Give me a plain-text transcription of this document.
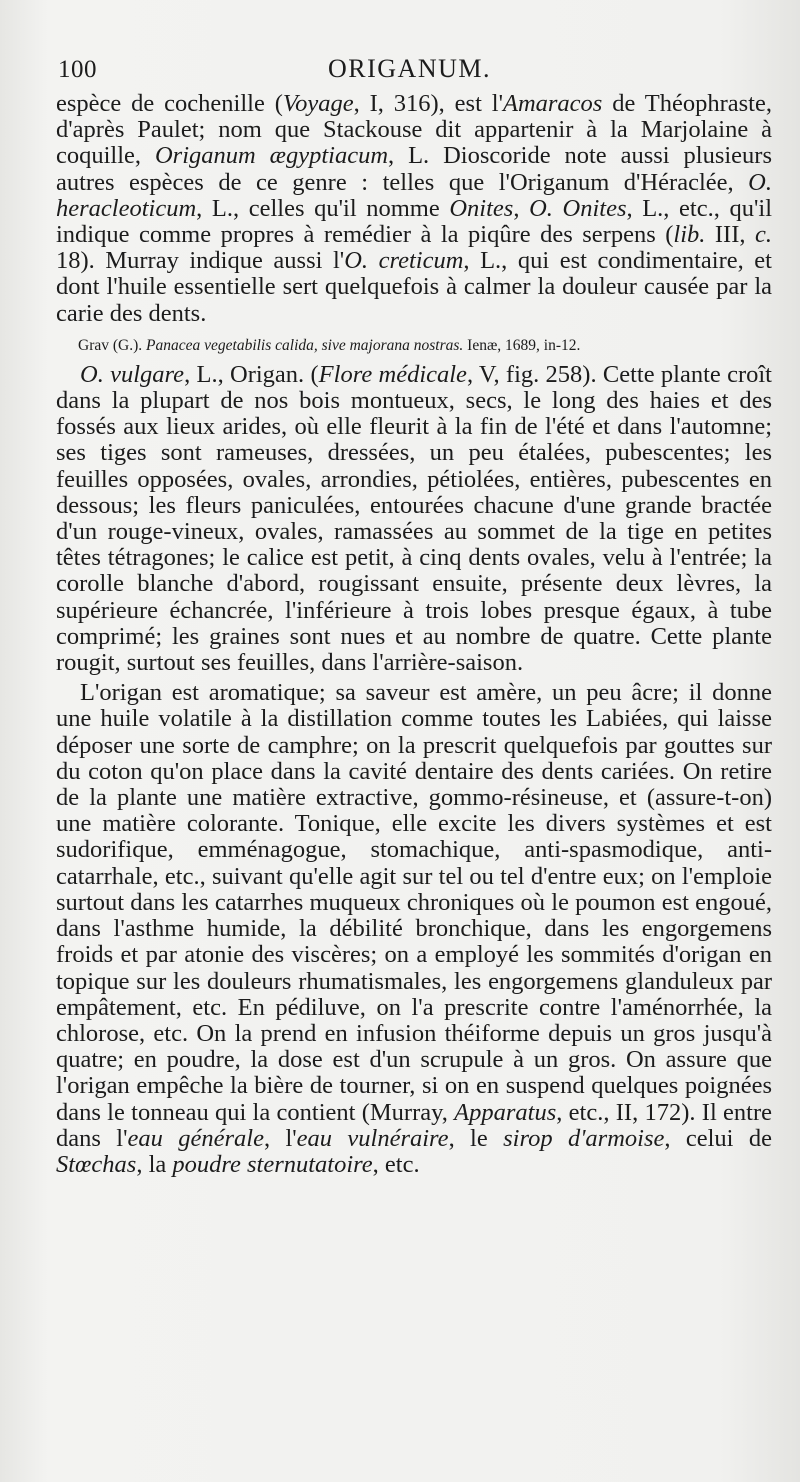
100	ORIGANUM.

espèce de cochenille (Voyage, I, 316), est l'Amaracos de Théophraste, d'après Paulet; nom que Stackouse dit appartenir à la Marjolaine à coquille, Origanum ægyptiacum, L. Dioscoride note aussi plusieurs autres espèces de ce genre : telles que l'Origanum d'Héraclée, O. heracleoticum, L., celles qu'il nomme Onites, O. Onites, L., etc., qu'il indique comme propres à remédier à la piqûre des serpens (lib. III, c. 18). Murray indique aussi l'O. creticum, L., qui est condimentaire, et dont l'huile essentielle sert quelquefois à calmer la douleur causée par la carie des dents.

Grav (G.). Panacea vegetabilis calida, sive majorana nostras. Ienæ, 1689, in-12.

O. vulgare, L., Origan. (Flore médicale, V, fig. 258). Cette plante croît dans la plupart de nos bois montueux, secs, le long des haies et des fossés aux lieux arides, où elle fleurit à la fin de l'été et dans l'automne; ses tiges sont rameuses, dressées, un peu étalées, pubescentes; les feuilles opposées, ovales, arrondies, pétiolées, entières, pubescentes en dessous; les fleurs paniculées, entourées chacune d'une grande bractée d'un rouge-vineux, ovales, ramassées au sommet de la tige en petites têtes tétragones; le calice est petit, à cinq dents ovales, velu à l'entrée; la corolle blanche d'abord, rougissant ensuite, présente deux lèvres, la supérieure échancrée, l'inférieure à trois lobes presque égaux, à tube comprimé; les graines sont nues et au nombre de quatre. Cette plante rougit, surtout ses feuilles, dans l'arrière-saison.

L'origan est aromatique; sa saveur est amère, un peu âcre; il donne une huile volatile à la distillation comme toutes les Labiées, qui laisse déposer une sorte de camphre; on la prescrit quelquefois par gouttes sur du coton qu'on place dans la cavité dentaire des dents cariées. On retire de la plante une matière extractive, gommo-résineuse, et (assure-t-on) une matière colorante. Tonique, elle excite les divers systèmes et est sudorifique, emménagogue, stomachique, anti-spasmodique, anti-catarrhale, etc., suivant qu'elle agit sur tel ou tel d'entre eux; on l'emploie surtout dans les catarrhes muqueux chroniques où le poumon est engoué, dans l'asthme humide, la débilité bronchique, dans les engorgemens froids et par atonie des viscères; on a employé les sommités d'origan en topique sur les douleurs rhumatismales, les engorgemens glanduleux par empâtement, etc. En pédiluve, on l'a prescrite contre l'aménorrhée, la chlorose, etc. On la prend en infusion théiforme depuis un gros jusqu'à quatre; en poudre, la dose est d'un scrupule à un gros. On assure que l'origan empêche la bière de tourner, si on en suspend quelques poignées dans le tonneau qui la contient (Murray, Apparatus, etc., II, 172). Il entre dans l'eau générale, l'eau vulnéraire, le sirop d'armoise, celui de Stœchas, la poudre sternutatoire, etc.
